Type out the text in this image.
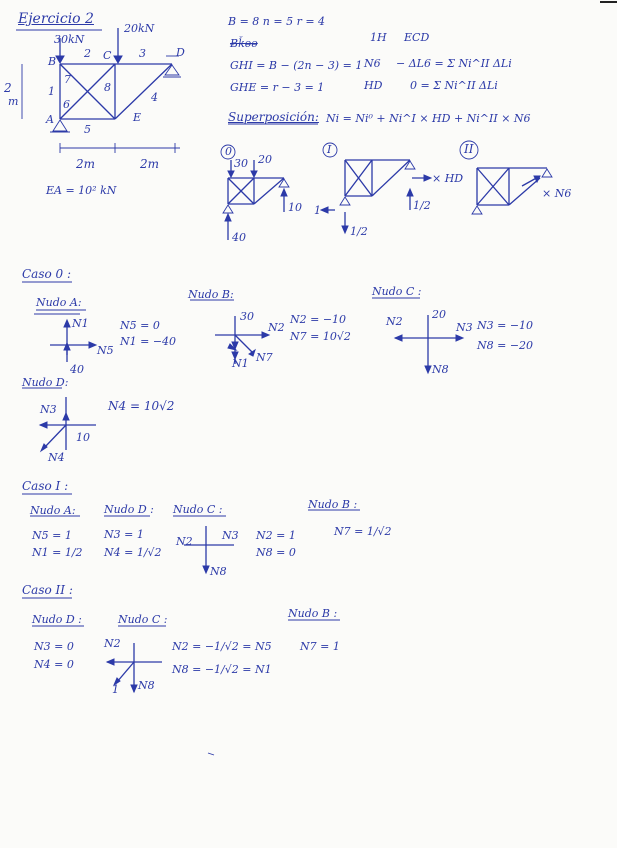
Ejercicio 2
30kN
20kN
B	C	D
A	E
2	3
1
7
6
8
4
5
2
m
2m	2m
EA = 10² kN
B = 8 n = 5 r = 4
1H ECD
Ƀǩǝǝ
GHI = B − (2n − 3) = 1
GHE = r − 3 = 1
N6
HD
− ΔL6 = Σ Ni^II ΔLi
0 = Σ Ni^II ΔLi
Superposición: Ni = Ni⁰ + Ni^I × HD + Ni^II × N6
0
30 20
10
40
I
× HD
1	1/2
1/2
II
× N6
Caso 0 :
Nudo A:
N1
N5
40
N5 = 0
N1 = −40
Nudo B:
30
N2
N7
N1
N2 = −10
N7 = 10√2
Nudo C :
20
N2	N3
N8
N3 = −10
N8 = −20
Nudo D:
N3
N4
10
N4 = 10√2
Caso I :
Nudo A:
N5 = 1
N1 = 1/2
Nudo D :
N3 = 1
N4 = 1/√2
Nudo C :
N2	N3
N8
N2 = 1
N8 = 0
Nudo B :
N7 = 1/√2
Caso II :
Nudo D :
N3 = 0
N4 = 0
Nudo C :
N2
N8
1
N2 = −1/√2 = N5
N8 = −1/√2 = N1
Nudo B :
N7 = 1
